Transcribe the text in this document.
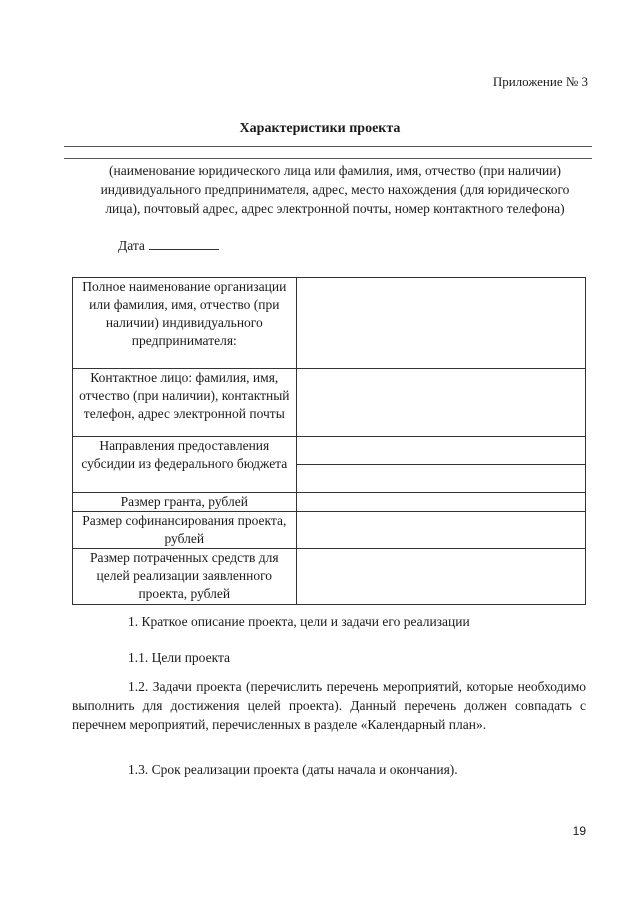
Приложение № 3
Характеристики проекта
(наименование юридического лица или фамилия, имя, отчество (при наличии) индивидуального предпринимателя, адрес, место нахождения (для юридического лица), почтовый адрес, адрес электронной почты, номер контактного телефона)
Дата
Полное наименование организации или фамилия, имя, отчество (при наличии) индивидуального предпринимателя:	
Контактное лицо: фамилия, имя, отчество (при наличии), контактный телефон, адрес электронной почты	
Направления предоставления субсидии из федерального бюджета	

Размер гранта, рублей	
Размер софинансирования проекта, рублей	
Размер потраченных средств для целей реализации заявленного проекта, рублей	
1. Краткое описание проекта, цели и задачи его реализации
1.1. Цели проекта
1.2. Задачи проекта (перечислить перечень мероприятий, которые необходимо выполнить для достижения целей проекта). Данный перечень должен совпадать с перечнем мероприятий, перечисленных в разделе «Календарный план».
1.3. Срок реализации проекта (даты начала и окончания).
19
